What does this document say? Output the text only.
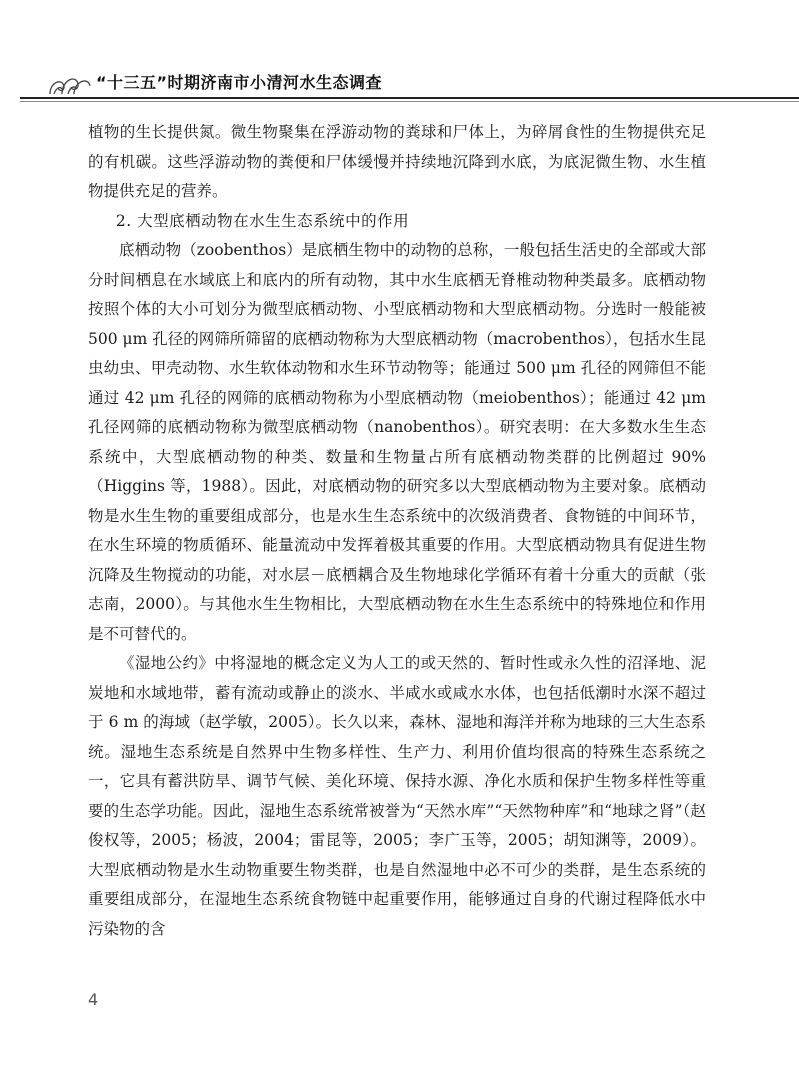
“十三五”时期济南市小清河水生态调查

植物的生长提供氮。微生物聚集在浮游动物的粪球和尸体上，为碎屑食性的生物提供充足的有机碳。这些浮游动物的粪便和尸体缓慢并持续地沉降到水底，为底泥微生物、水生植物提供充足的营养。

2. 大型底栖动物在水生生态系统中的作用

底栖动物（zoobenthos）是底栖生物中的动物的总称，一般包括生活史的全部或大部分时间栖息在水域底上和底内的所有动物，其中水生底栖无脊椎动物种类最多。底栖动物按照个体的大小可划分为微型底栖动物、小型底栖动物和大型底栖动物。分选时一般能被 500 μm 孔径的网筛所筛留的底栖动物称为大型底栖动物（macrobenthos），包括水生昆虫幼虫、甲壳动物、水生软体动物和水生环节动物等；能通过 500 μm 孔径的网筛但不能通过 42 μm 孔径的网筛的底栖动物称为小型底栖动物（meiobenthos）；能通过 42 μm 孔径网筛的底栖动物称为微型底栖动物（nanobenthos）。研究表明：在大多数水生生态系统中，大型底栖动物的种类、数量和生物量占所有底栖动物类群的比例超过 90%（Higgins 等，1988）。因此，对底栖动物的研究多以大型底栖动物为主要对象。底栖动物是水生生物的重要组成部分，也是水生生态系统中的次级消费者、食物链的中间环节，在水生环境的物质循环、能量流动中发挥着极其重要的作用。大型底栖动物具有促进生物沉降及生物搅动的功能，对水层－底栖耦合及生物地球化学循环有着十分重大的贡献（张志南，2000）。与其他水生生物相比，大型底栖动物在水生生态系统中的特殊地位和作用是不可替代的。

《湿地公约》中将湿地的概念定义为人工的或天然的、暂时性或永久性的沼泽地、泥炭地和水域地带，蓄有流动或静止的淡水、半咸水或咸水水体，也包括低潮时水深不超过于 6 m 的海域（赵学敏，2005）。长久以来，森林、湿地和海洋并称为地球的三大生态系统。湿地生态系统是自然界中生物多样性、生产力、利用价值均很高的特殊生态系统之一，它具有蓄洪防旱、调节气候、美化环境、保持水源、净化水质和保护生物多样性等重要的生态学功能。因此，湿地生态系统常被誉为“天然水库”“天然物种库”和“地球之肾”（赵俊权等，2005；杨波，2004；雷昆等，2005；李广玉等，2005；胡知渊等，2009）。大型底栖动物是水生动物重要生物类群，也是自然湿地中必不可少的类群，是生态系统的重要组成部分，在湿地生态系统食物链中起重要作用，能够通过自身的代谢过程降低水中污染物的含

4
